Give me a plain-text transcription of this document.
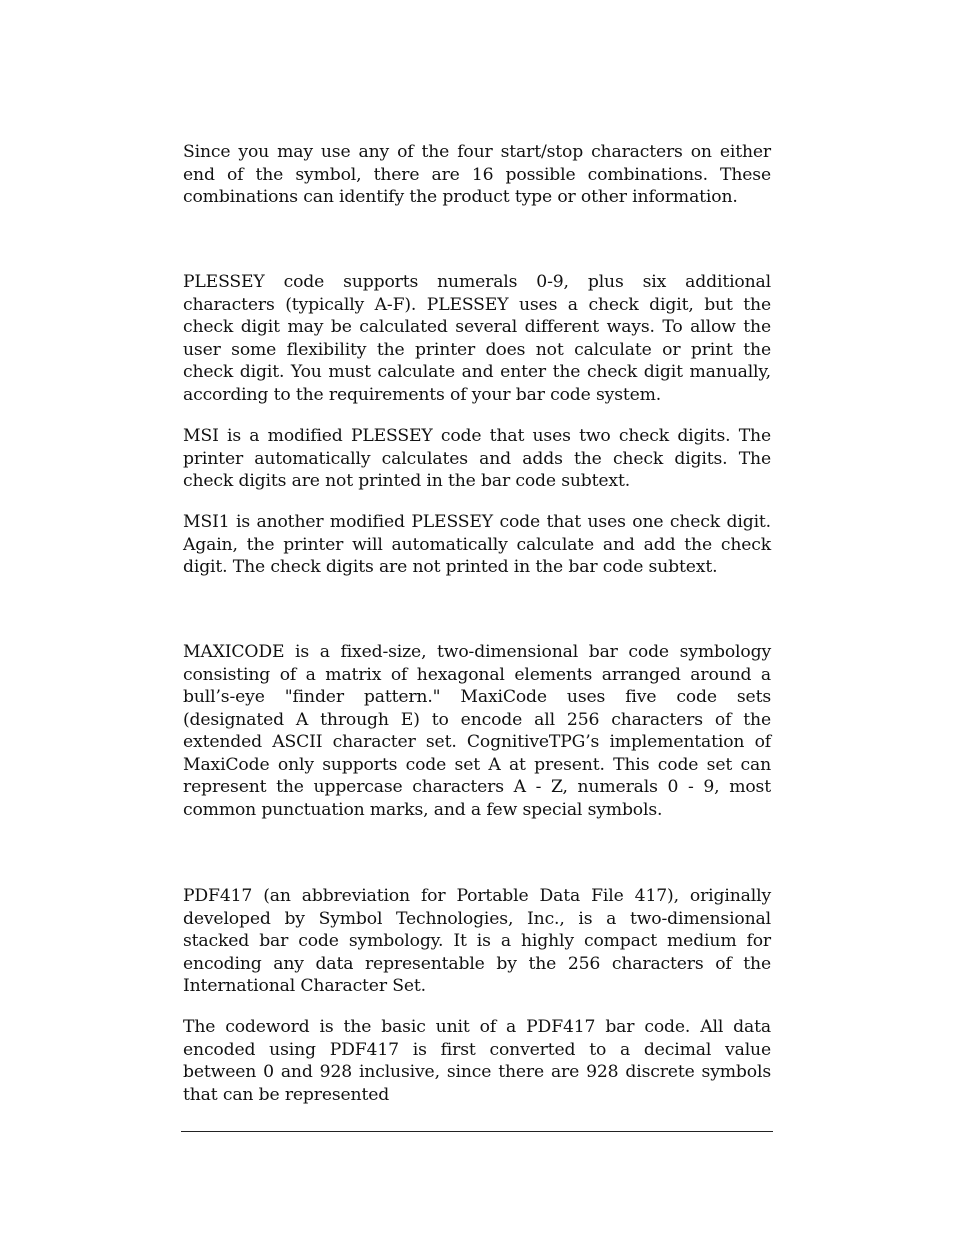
Since you may use any of the four start/stop characters on either end of the symbol, there are 16 possible combinations. These combinations can identify the product type or other information.

PLESSEY code supports numerals 0-9, plus six additional characters (typically A-F). PLESSEY uses a check digit, but the check digit may be calculated several different ways. To allow the user some flexibility the printer does not calculate or print the check digit. You must calculate and enter the check digit manually, according to the requirements of your bar code system.

MSI is a modified PLESSEY code that uses two check digits. The printer automatically calculates and adds the check digits. The check digits are not printed in the bar code subtext.

MSI1 is another modified PLESSEY code that uses one check digit. Again, the printer will automatically calculate and add the check digit. The check digits are not printed in the bar code subtext.

MAXICODE is a fixed-size, two-dimensional bar code symbology consisting of a matrix of hexagonal elements arranged around a bull’s-eye "finder pattern." MaxiCode uses five code sets (designated A through E) to encode all 256 characters of the extended ASCII character set. CognitiveTPG’s implementation of MaxiCode only supports code set A at present. This code set can represent the uppercase characters A - Z, numerals 0 - 9, most common punctuation marks, and a few special symbols.

PDF417 (an abbreviation for Portable Data File 417), originally developed by Symbol Technologies, Inc., is a two-dimensional stacked bar code symbology. It is a highly compact medium for encoding any data representable by the 256 characters of the International Character Set.

The codeword is the basic unit of a PDF417 bar code. All data encoded using PDF417 is first converted to a decimal value between 0 and 928 inclusive, since there are 928 discrete symbols that can be represented
